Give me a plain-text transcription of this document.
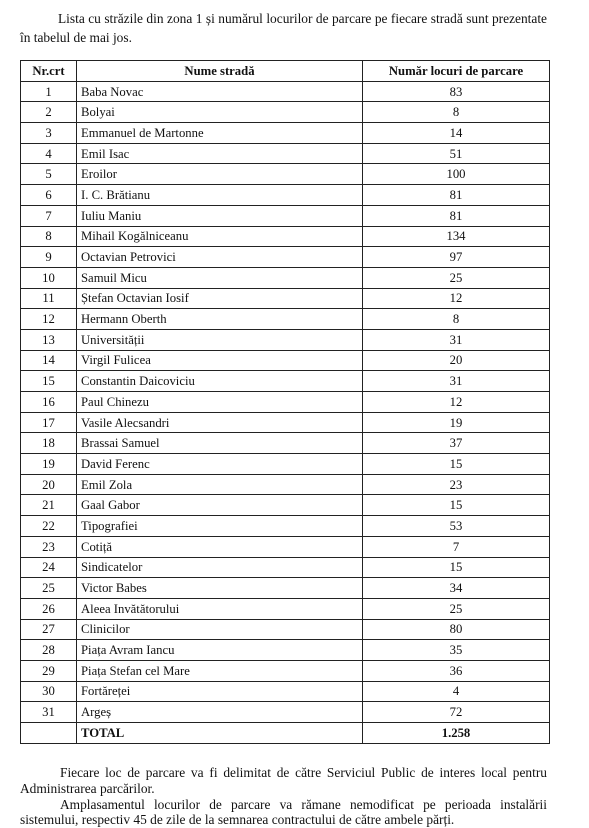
Lista cu străzile din zona 1 și numărul locurilor de parcare pe fiecare stradă sunt prezentate în tabelul de mai jos.

Nr.crt	Nume stradă	Număr locuri de parcare
1	Baba Novac	83
2	Bolyai	8
3	Emmanuel de Martonne	14
4	Emil Isac	51
5	Eroilor	100
6	I. C. Brătianu	81
7	Iuliu Maniu	81
8	Mihail Kogălniceanu	134
9	Octavian Petrovici	97
10	Samuil Micu	25
11	Ștefan Octavian Iosif	12
12	Hermann Oberth	8
13	Universității	31
14	Virgil Fulicea	20
15	Constantin Daicoviciu	31
16	Paul Chinezu	12
17	Vasile Alecsandri	19
18	Brassai Samuel	37
19	David Ferenc	15
20	Emil Zola	23
21	Gaal Gabor	15
22	Tipografiei	53
23	Cotiță	7
24	Sindicatelor	15
25	Victor Babes	34
26	Aleea Invătătorului	25
27	Clinicilor	80
28	Piața Avram Iancu	35
29	Piața Stefan cel Mare	36
30	Fortăreței	4
31	Argeș	72
	TOTAL	1.258

Fiecare loc de parcare va fi delimitat de către Serviciul Public de interes local pentru Administrarea parcărilor.

Amplasamentul locurilor de parcare va rămane nemodificat pe perioada instalării sistemului, respectiv 45 de zile de la semnarea contractului de către ambele părți.
